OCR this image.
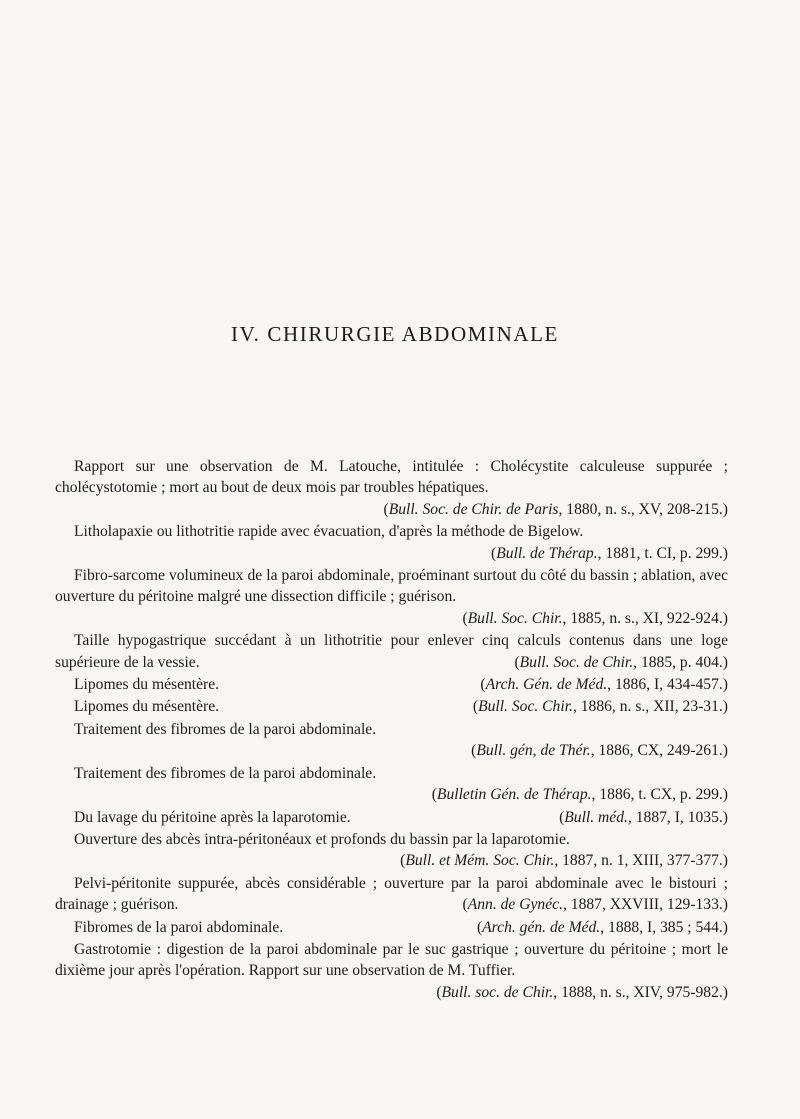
IV. CHIRURGIE ABDOMINALE

Rapport sur une observation de M. Latouche, intitulée : Cholécystite calculeuse suppurée ; cholécystotomie ; mort au bout de deux mois par troubles hépatiques.
(Bull. Soc. de Chir. de Paris, 1880, n. s., XV, 208-215.)

Litholapaxie ou lithotritie rapide avec évacuation, d'après la méthode de Bigelow.
(Bull. de Thérap., 1881, t. CI, p. 299.)

Fibro-sarcome volumineux de la paroi abdominale, proéminant surtout du côté du bassin ; ablation, avec ouverture du péritoine malgré une dissection difficile ; guérison.
(Bull. Soc. Chir., 1885, n. s., XI, 922-924.)

Taille hypogastrique succédant à un lithotritie pour enlever cinq calculs contenus dans une loge supérieure de la vessie.	(Bull. Soc. de Chir., 1885, p. 404.)

Lipomes du mésentère.	(Arch. Gén. de Méd., 1886, I, 434-457.)

Lipomes du mésentère.	(Bull. Soc. Chir., 1886, n. s., XII, 23-31.)

Traitement des fibromes de la paroi abdominale.
(Bull. gén, de Thér., 1886, CX, 249-261.)

Traitement des fibromes de la paroi abdominale.
(Bulletin Gén. de Thérap., 1886, t. CX, p. 299.)

Du lavage du péritoine après la laparotomie.	(Bull. méd., 1887, I, 1035.)

Ouverture des abcès intra-péritonéaux et profonds du bassin par la laparotomie.
(Bull. et Mém. Soc. Chir., 1887, n. 1, XIII, 377-377.)

Pelvi-péritonite suppurée, abcès considérable ; ouverture par la paroi abdominale avec le bistouri ; drainage ; guérison.	(Ann. de Gynéc., 1887, XXVIII, 129-133.)

Fibromes de la paroi abdominale.	(Arch. gén. de Méd., 1888, I, 385 ; 544.)

Gastrotomie : digestion de la paroi abdominale par le suc gastrique ; ouverture du péritoine ; mort le dixième jour après l'opération. Rapport sur une observation de M. Tuffier.
(Bull. soc. de Chir., 1888, n. s., XIV, 975-982.)
